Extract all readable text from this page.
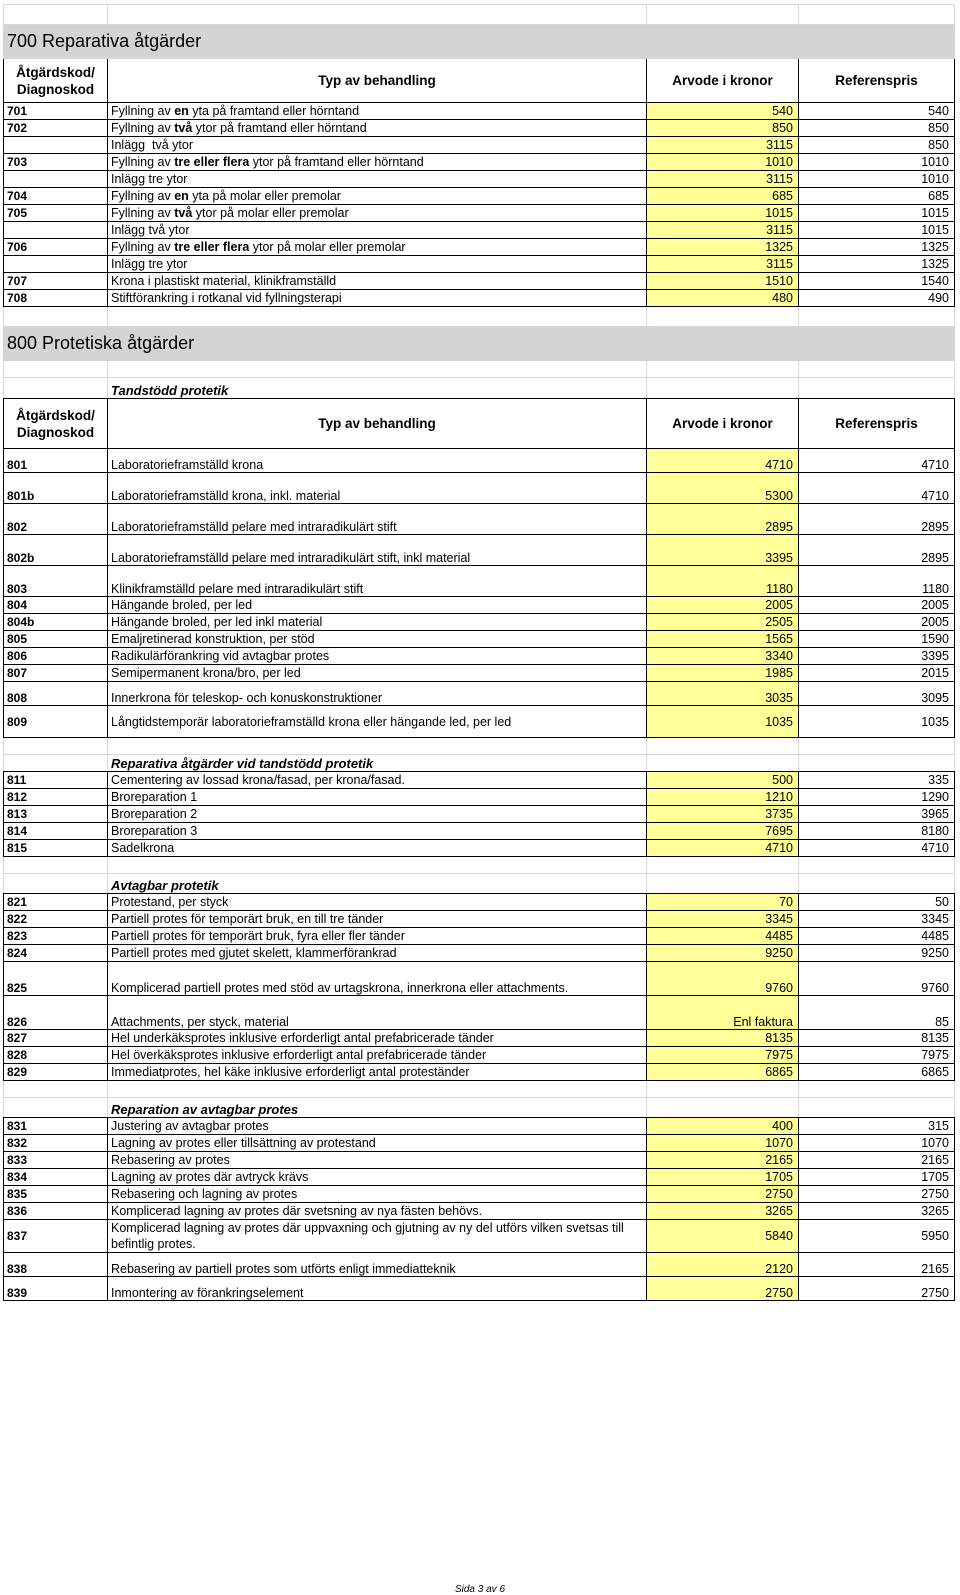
700 Reparativa åtgärder			
Åtgärdskod/ Diagnoskod	Typ av behandling	Arvode i kronor	Referenspris
701	Fyllning av en yta på framtand eller hörntand	540	540
702	Fyllning av två ytor på framtand eller hörntand	850	850
	Inlägg  två ytor	3115	850
703	Fyllning av tre eller flera ytor på framtand eller hörntand	1010	1010
	Inlägg tre ytor	3115	1010
704	Fyllning av en yta på molar eller premolar	685	685
705	Fyllning av två ytor på molar eller premolar	1015	1015
	Inlägg två ytor	3115	1015
706	Fyllning av tre eller flera ytor på molar eller premolar	1325	1325
	Inlägg tre ytor	3115	1325
707	Krona i plastiskt material, klinikframställd	1510	1540
708	Stiftförankring i rotkanal vid fyllningsterapi	480	490

800 Protetiska åtgärder			

	Tandstödd protetik		
Åtgärdskod/ Diagnoskod	Typ av behandling	Arvode i kronor	Referenspris
801	Laboratorieframställd krona	4710	4710
801b	Laboratorieframställd krona, inkl. material	5300	4710
802	Laboratorieframställd pelare med intraradikulärt stift	2895	2895
802b	Laboratorieframställd pelare med intraradikulärt stift, inkl material	3395	2895
803	Klinikframställd pelare med intraradikulärt stift	1180	1180
804	Hängande broled, per led	2005	2005
804b	Hängande broled, per led inkl material	2505	2005
805	Emaljretinerad konstruktion, per stöd	1565	1590
806	Radikulärförankring vid avtagbar protes	3340	3395
807	Semipermanent krona/bro, per led	1985	2015
808	Innerkrona för teleskop- och konuskonstruktioner	3035	3095
809	Långtidstemporär laboratorieframställd krona eller hängande led, per led	1035	1035

	Reparativa åtgärder vid tandstödd protetik		
811	Cementering av lossad krona/fasad, per krona/fasad.	500	335
812	Broreparation 1	1210	1290
813	Broreparation 2	3735	3965
814	Broreparation 3	7695	8180
815	Sadelkrona	4710	4710

	Avtagbar protetik		
821	Protestand, per styck	70	50
822	Partiell protes för temporärt bruk, en till tre tänder	3345	3345
823	Partiell protes för temporärt bruk, fyra eller fler tänder	4485	4485
824	Partiell protes med gjutet skelett, klammerförankrad	9250	9250
825	Komplicerad partiell protes med stöd av urtagskrona, innerkrona eller attachments.	9760	9760
826	Attachments, per styck, material	Enl faktura	85
827	Hel underkäksprotes inklusive erforderligt antal prefabricerade tänder	8135	8135
828	Hel överkäksprotes inklusive erforderligt antal prefabricerade tänder	7975	7975
829	Immediatprotes, hel käke inklusive erforderligt antal proteständer	6865	6865

	Reparation av avtagbar protes		
831	Justering av avtagbar protes	400	315
832	Lagning av protes eller tillsättning av protestand	1070	1070
833	Rebasering av protes	2165	2165
834	Lagning av protes där avtryck krävs	1705	1705
835	Rebasering och lagning av protes	2750	2750
836	Komplicerad lagning av protes där svetsning av nya fästen behövs.	3265	3265
837	Komplicerad lagning av protes där uppvaxning och gjutning av ny del utförs vilken svetsas till befintlig protes.	5840	5950
838	Rebasering av partiell protes som utförts enligt immediatteknik	2120	2165
839	Inmontering av förankringselement	2750	2750
Sida 3 av 6
